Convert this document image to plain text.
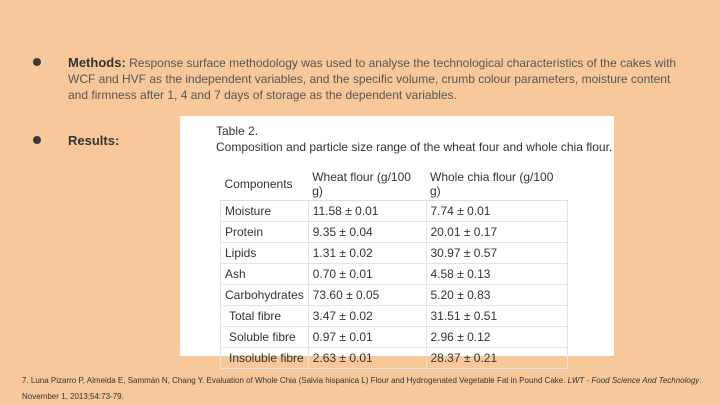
Methods: Response surface methodology was used to analyse the technological characteristics of the cakes with WCF and HVF as the independent variables, and the specific volume, crumb colour parameters, moisture content and firmness after 1, 4 and 7 days of storage as the dependent variables.
Results:
Table 2.
Composition and particle size range of the wheat four and whole chia flour.
Components	Wheat flour (g/100 g)	Whole chia flour (g/100 g)
Moisture	11.58 ± 0.01	7.74 ± 0.01
Protein	9.35 ± 0.04	20.01 ± 0.17
Lipids	1.31 ± 0.02	30.97 ± 0.57
Ash	0.70 ± 0.01	4.58 ± 0.13
Carbohydrates	73.60 ± 0.05	5.20 ± 0.83
Total fibre	3.47 ± 0.02	31.51 ± 0.51
Soluble fibre	0.97 ± 0.01	2.96 ± 0.12
Insoluble fibre	2.63 ± 0.01	28.37 ± 0.21
7. Luna Pizarro P, Almeida E, Sammán N, Chang Y. Evaluation of Whole Chia (Salvia hispanica L) Flour and Hydrogenated Vegetable Fat in Pound Cake. LWT - Food Science And Technology. November 1, 2013;54:73-79.
